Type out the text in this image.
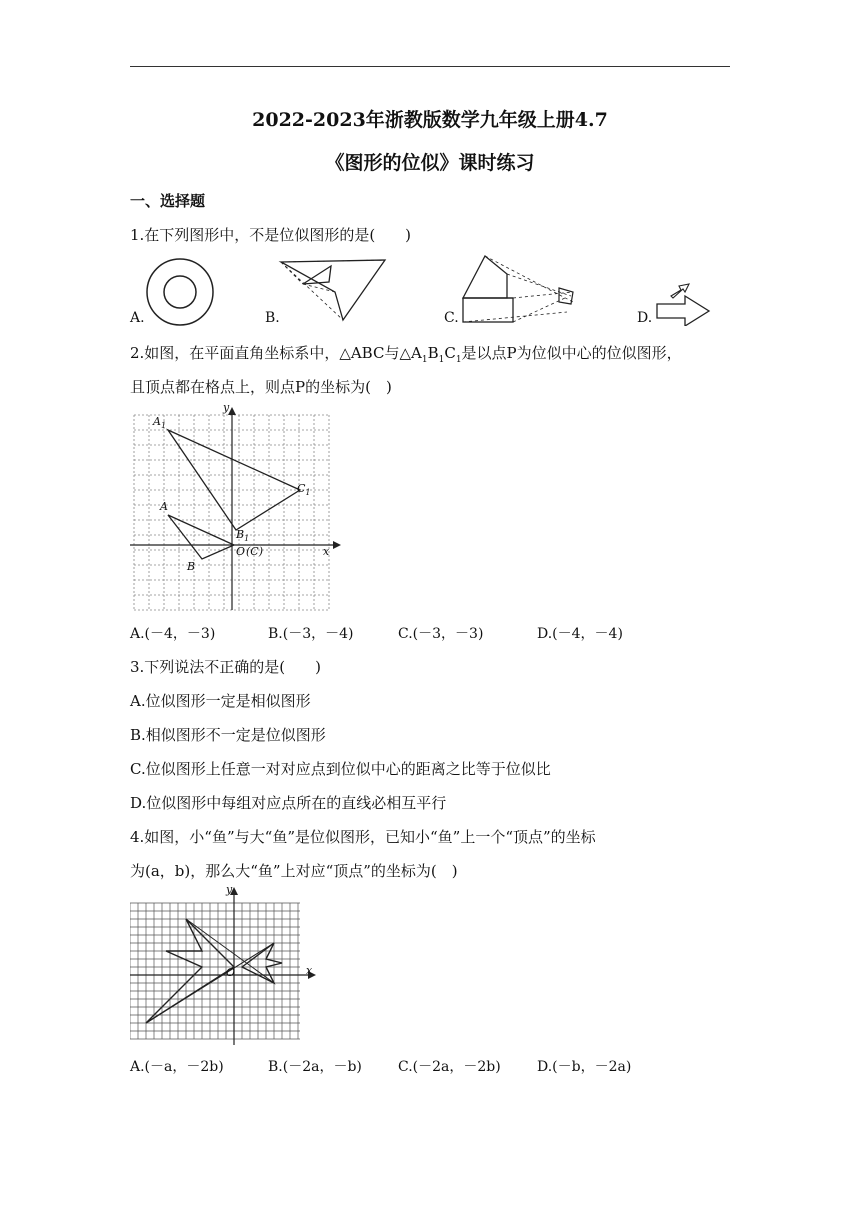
2022-2023年浙教版数学九年级上册4.7
《图形的位似》课时练习
一、选择题
1.在下列图形中，不是位似图形的是(　　)
A.	B.	C.	D.
2.如图，在平面直角坐标系中，△ABC与$\triangle A_1B_1C_1$是以点P为位似中心的位似图形，
且顶点都在格点上，则点P的坐标为(　)
$A_1$
A
B
$B_1$
$C_1$
O (C)	x
y
A.(－4，－3)	B.(－3，－4)	C.(－3，－3)	D.(－4，－4)
3.下列说法不正确的是(　　)
A.位似图形一定是相似图形
B.相似图形不一定是位似图形
C.位似图形上任意一对对应点到位似中心的距离之比等于位似比
D.位似图形中每组对应点所在的直线必相互平行
4.如图，小“鱼”与大“鱼”是位似图形，已知小“鱼”上一个“顶点”的坐标
为(a，b)，那么大“鱼”上对应“顶点”的坐标为(　)
y
x
O
A.(－a，－2b)	B.(－2a，－b)	C.(－2a，－2b)	D.(－b，－2a)
